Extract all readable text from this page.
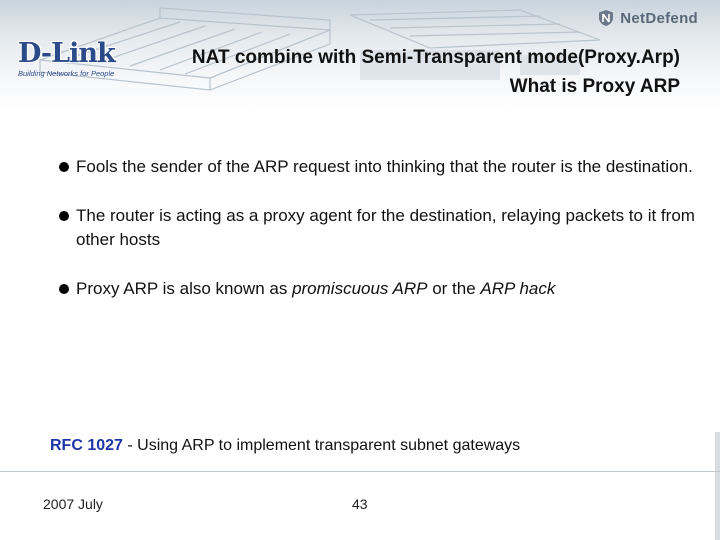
D-Link
Building Networks for People
NetDefend
NAT combine with Semi-Transparent mode(Proxy.Arp)
What is Proxy ARP
Fools the sender of the ARP request into thinking that the router is the destination.
The router is acting as a proxy agent for the destination, relaying packets to it from other hosts
Proxy ARP is also known as promiscuous ARP or the ARP hack
RFC 1027 - Using ARP to implement transparent subnet gateways
2007 July	43
